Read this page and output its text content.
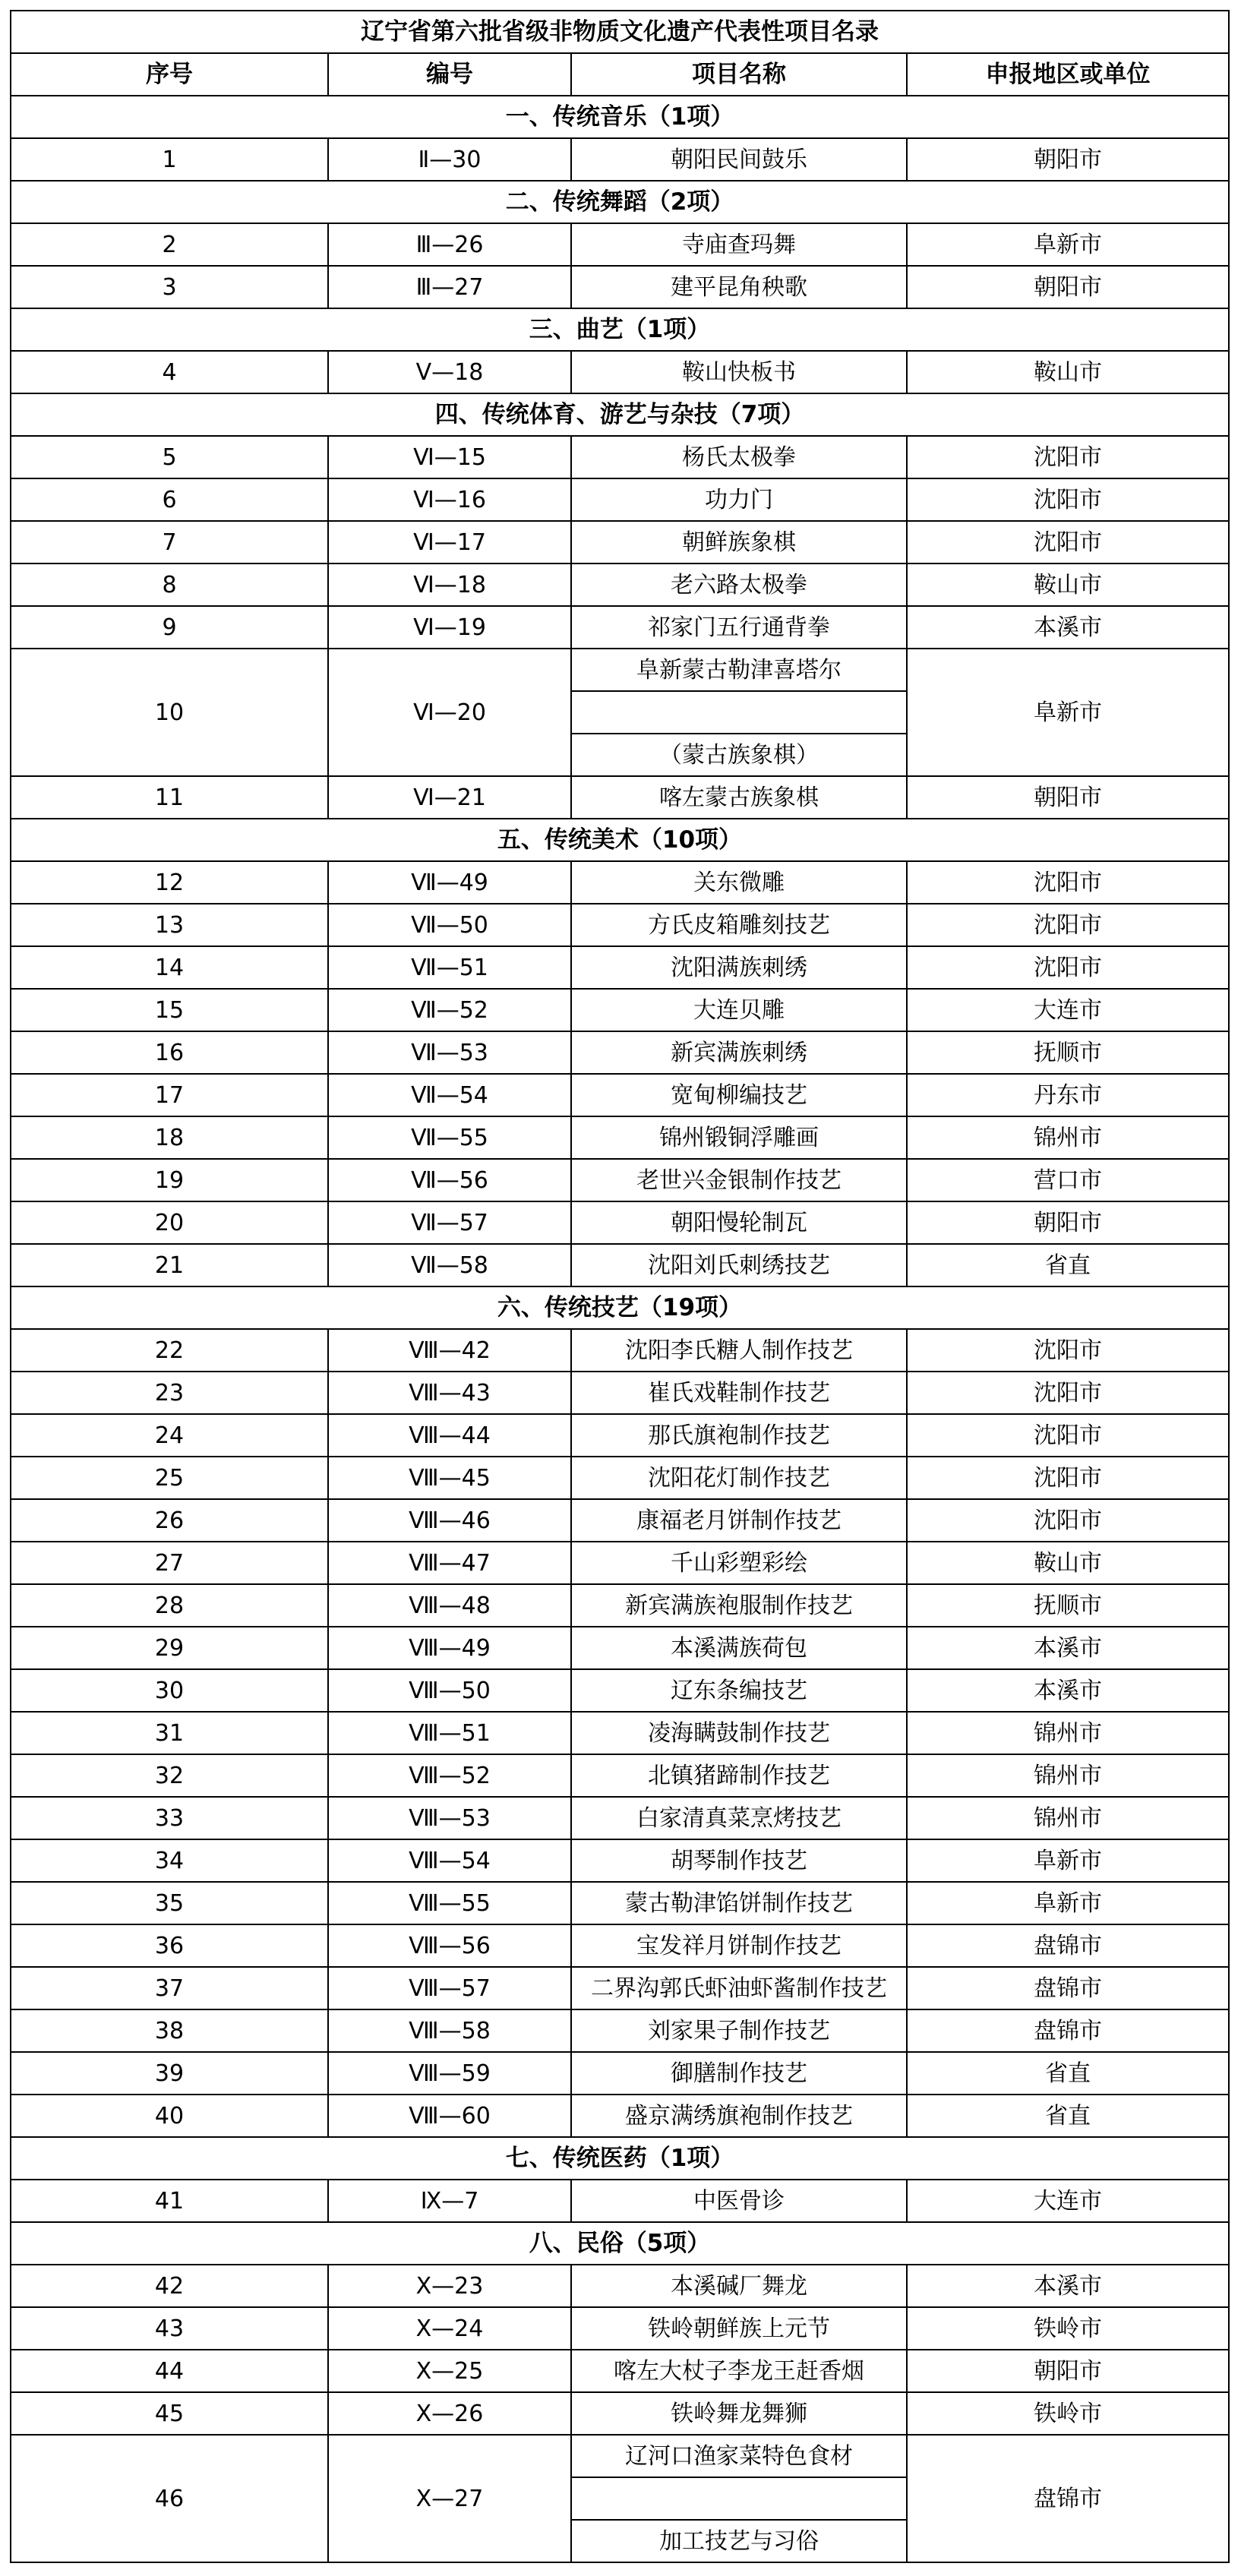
辽宁省第六批省级非物质文化遗产代表性项目名录			
序号	编号	项目名称	申报地区或单位
一、传统音乐（1项）			
1	Ⅱ—30	朝阳民间鼓乐	朝阳市
二、传统舞蹈（2项）			
2	Ⅲ—26	寺庙查玛舞	阜新市
3	Ⅲ—27	建平昆角秧歌	朝阳市
三、曲艺（1项）			
4	Ⅴ—18	鞍山快板书	鞍山市
四、传统体育、游艺与杂技（7项）			
5	Ⅵ—15	杨氏太极拳	沈阳市
6	Ⅵ—16	功力门	沈阳市
7	Ⅵ—17	朝鲜族象棋	沈阳市
8	Ⅵ—18	老六路太极拳	鞍山市
9	Ⅵ—19	祁家门五行通背拳	本溪市
10	Ⅵ—20	阜新蒙古勒津喜塔尔	阜新市

		（蒙古族象棋）	
11	Ⅵ—21	喀左蒙古族象棋	朝阳市
五、传统美术（10项）			
12	Ⅶ—49	关东微雕	沈阳市
13	Ⅶ—50	方氏皮箱雕刻技艺	沈阳市
14	Ⅶ—51	沈阳满族刺绣	沈阳市
15	Ⅶ—52	大连贝雕	大连市
16	Ⅶ—53	新宾满族刺绣	抚顺市
17	Ⅶ—54	宽甸柳编技艺	丹东市
18	Ⅶ—55	锦州锻铜浮雕画	锦州市
19	Ⅶ—56	老世兴金银制作技艺	营口市
20	Ⅶ—57	朝阳慢轮制瓦	朝阳市
21	Ⅶ—58	沈阳刘氏刺绣技艺	省直
六、传统技艺（19项）			
22	Ⅷ—42	沈阳李氏糖人制作技艺	沈阳市
23	Ⅷ—43	崔氏戏鞋制作技艺	沈阳市
24	Ⅷ—44	那氏旗袍制作技艺	沈阳市
25	Ⅷ—45	沈阳花灯制作技艺	沈阳市
26	Ⅷ—46	康福老月饼制作技艺	沈阳市
27	Ⅷ—47	千山彩塑彩绘	鞍山市
28	Ⅷ—48	新宾满族袍服制作技艺	抚顺市
29	Ⅷ—49	本溪满族荷包	本溪市
30	Ⅷ—50	辽东条编技艺	本溪市
31	Ⅷ—51	凌海瞒鼓制作技艺	锦州市
32	Ⅷ—52	北镇猪蹄制作技艺	锦州市
33	Ⅷ—53	白家清真菜烹烤技艺	锦州市
34	Ⅷ—54	胡琴制作技艺	阜新市
35	Ⅷ—55	蒙古勒津馅饼制作技艺	阜新市
36	Ⅷ—56	宝发祥月饼制作技艺	盘锦市
37	Ⅷ—57	二界沟郭氏虾油虾酱制作技艺	盘锦市
38	Ⅷ—58	刘家果子制作技艺	盘锦市
39	Ⅷ—59	御膳制作技艺	省直
40	Ⅷ—60	盛京满绣旗袍制作技艺	省直
七、传统医药（1项）			
41	Ⅸ—7	中医骨诊	大连市
八、民俗（5项）			
42	Ⅹ—23	本溪碱厂舞龙	本溪市
43	Ⅹ—24	铁岭朝鲜族上元节	铁岭市
44	Ⅹ—25	喀左大杖子李龙王赶香烟	朝阳市
45	Ⅹ—26	铁岭舞龙舞狮	铁岭市
46	Ⅹ—27	辽河口渔家菜特色食材	盘锦市

		加工技艺与习俗	
